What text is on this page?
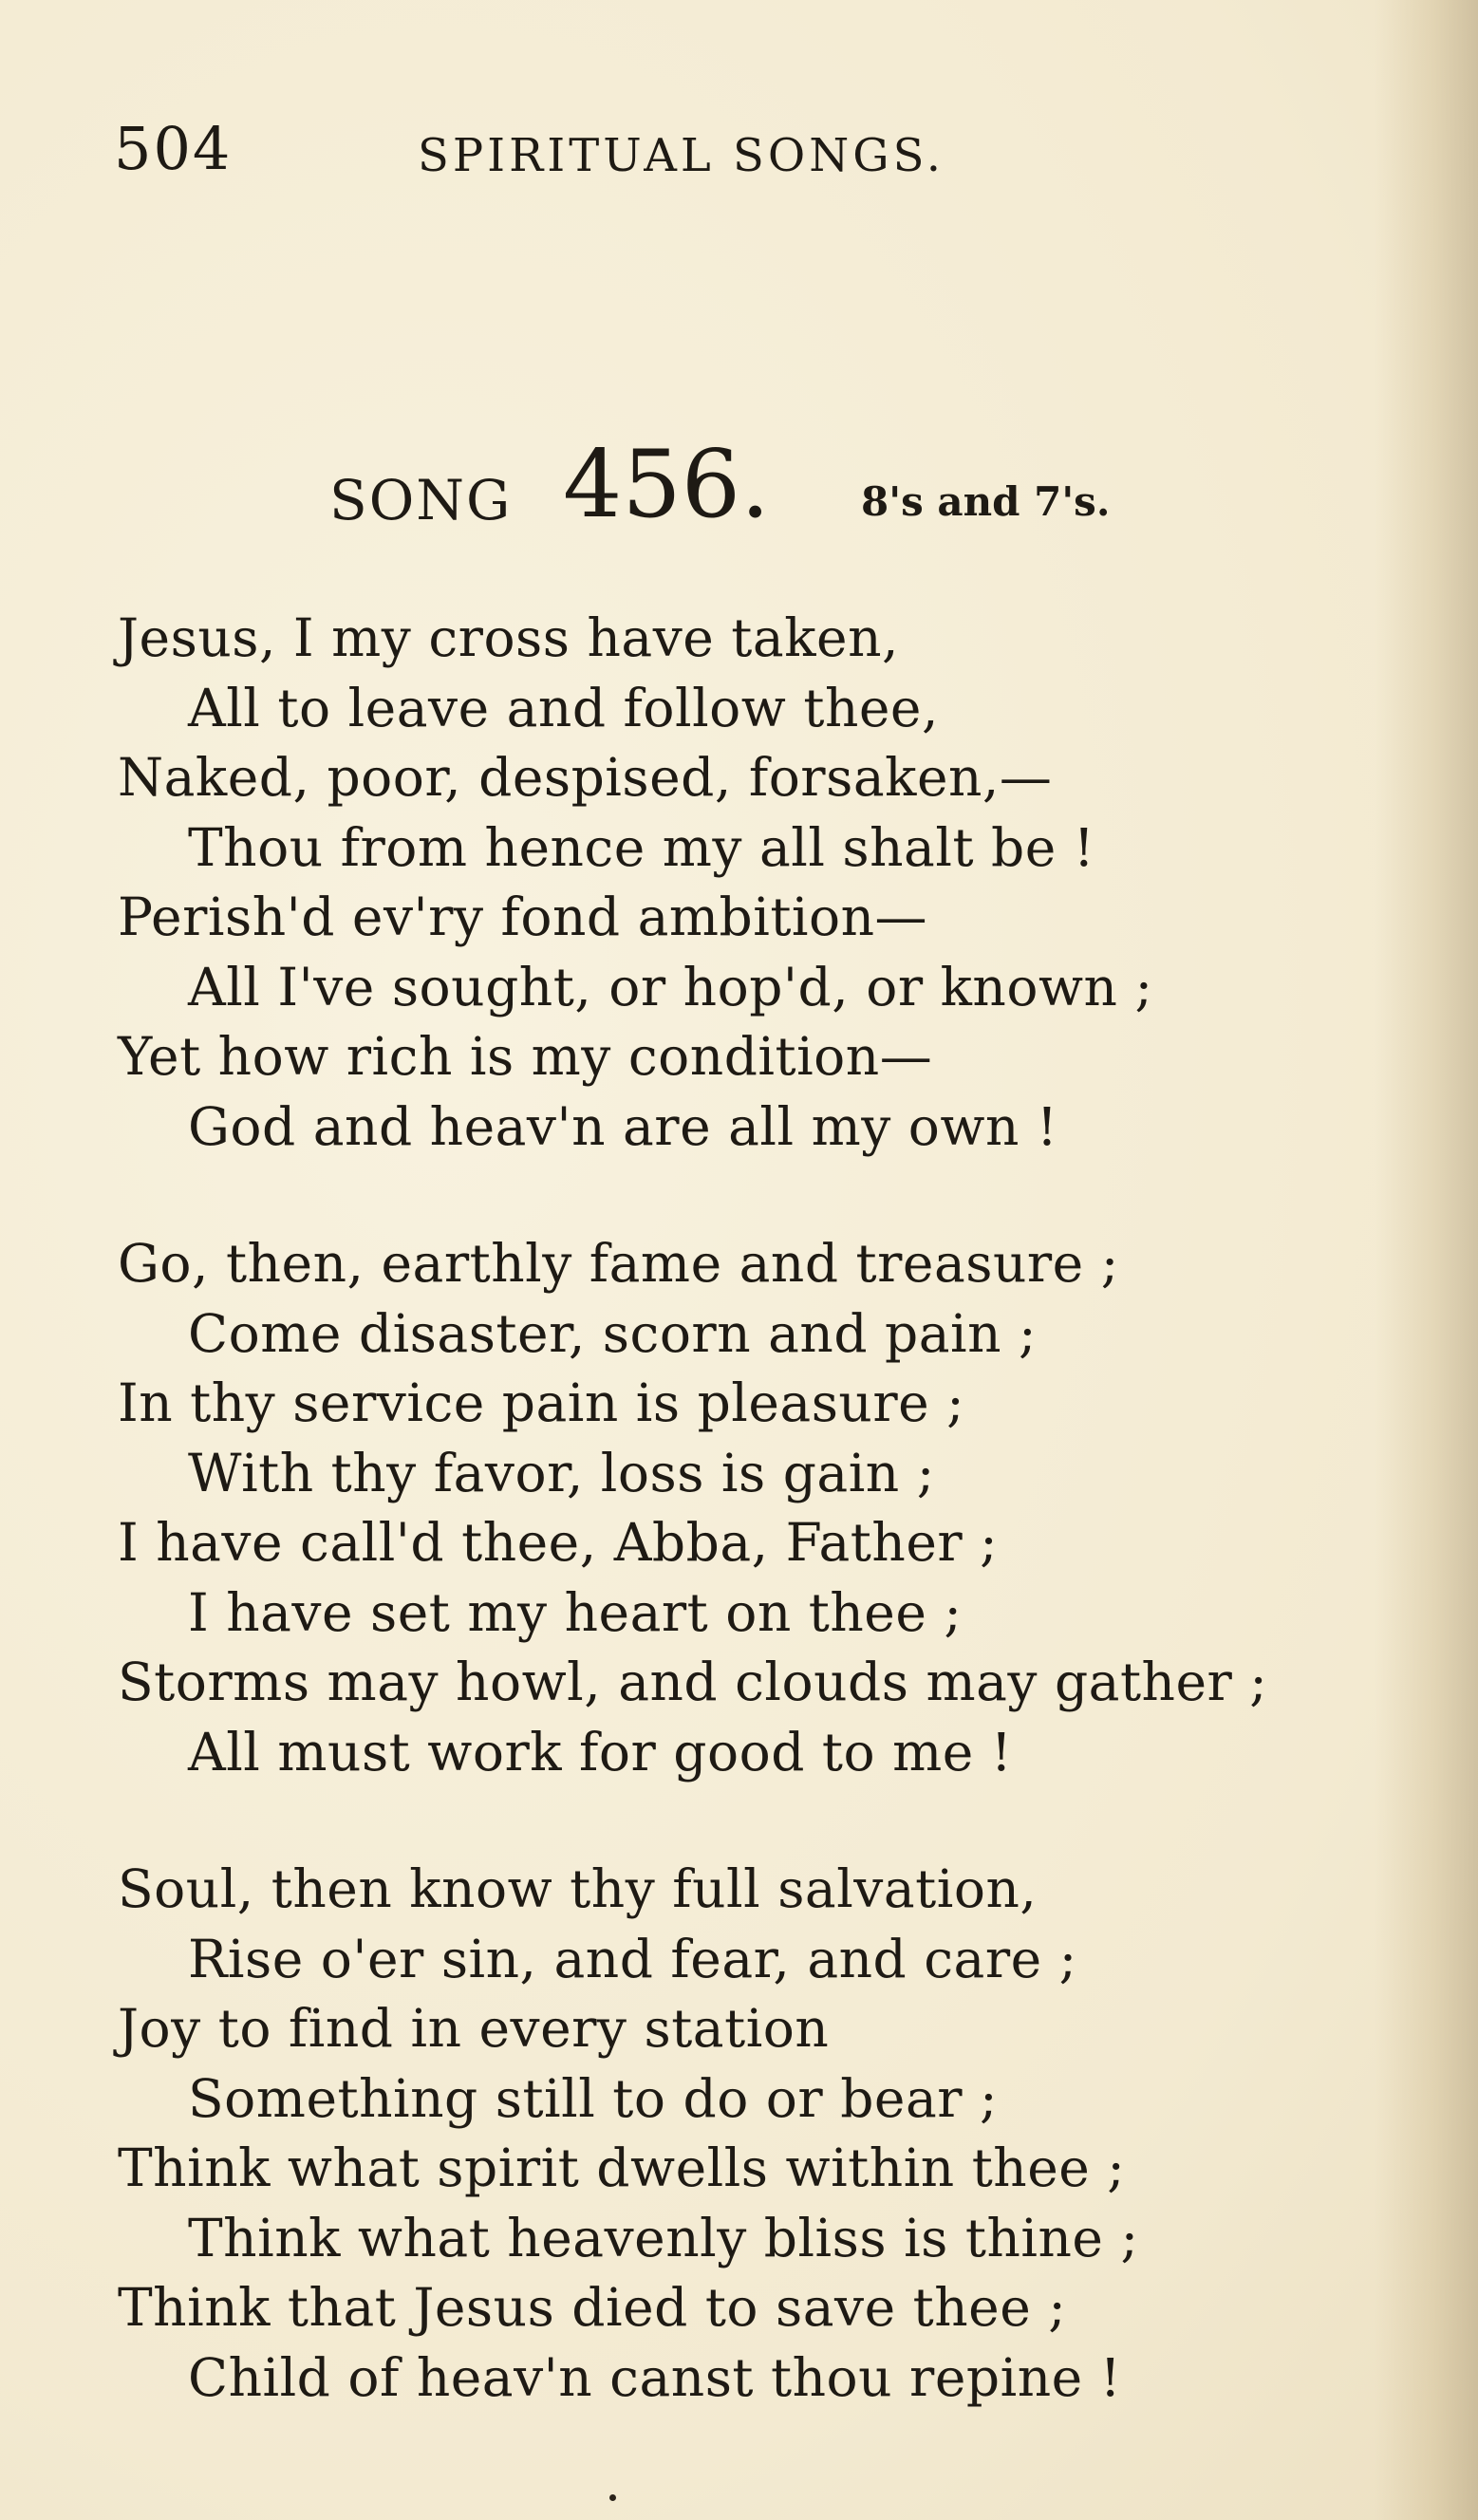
504	SPIRITUAL SONGS.
SONG 456. 8's and 7's.
Jesus, I my cross have taken,
All to leave and follow thee,
Naked, poor, despised, forsaken,—
Thou from hence my all shalt be !
Perish'd ev'ry fond ambition—
All I've sought, or hop'd, or known ;
Yet how rich is my condition—
God and heav'n are all my own !
Go, then, earthly fame and treasure ;
Come disaster, scorn and pain ;
In thy service pain is pleasure ;
With thy favor, loss is gain ;
I have call'd thee, Abba, Father ;
I have set my heart on thee ;
Storms may howl, and clouds may gather ;
All must work for good to me !
Soul, then know thy full salvation,
Rise o'er sin, and fear, and care ;
Joy to find in every station
Something still to do or bear ;
Think what spirit dwells within thee ;
Think what heavenly bliss is thine ;
Think that Jesus died to save thee ;
Child of heav'n canst thou repine !
